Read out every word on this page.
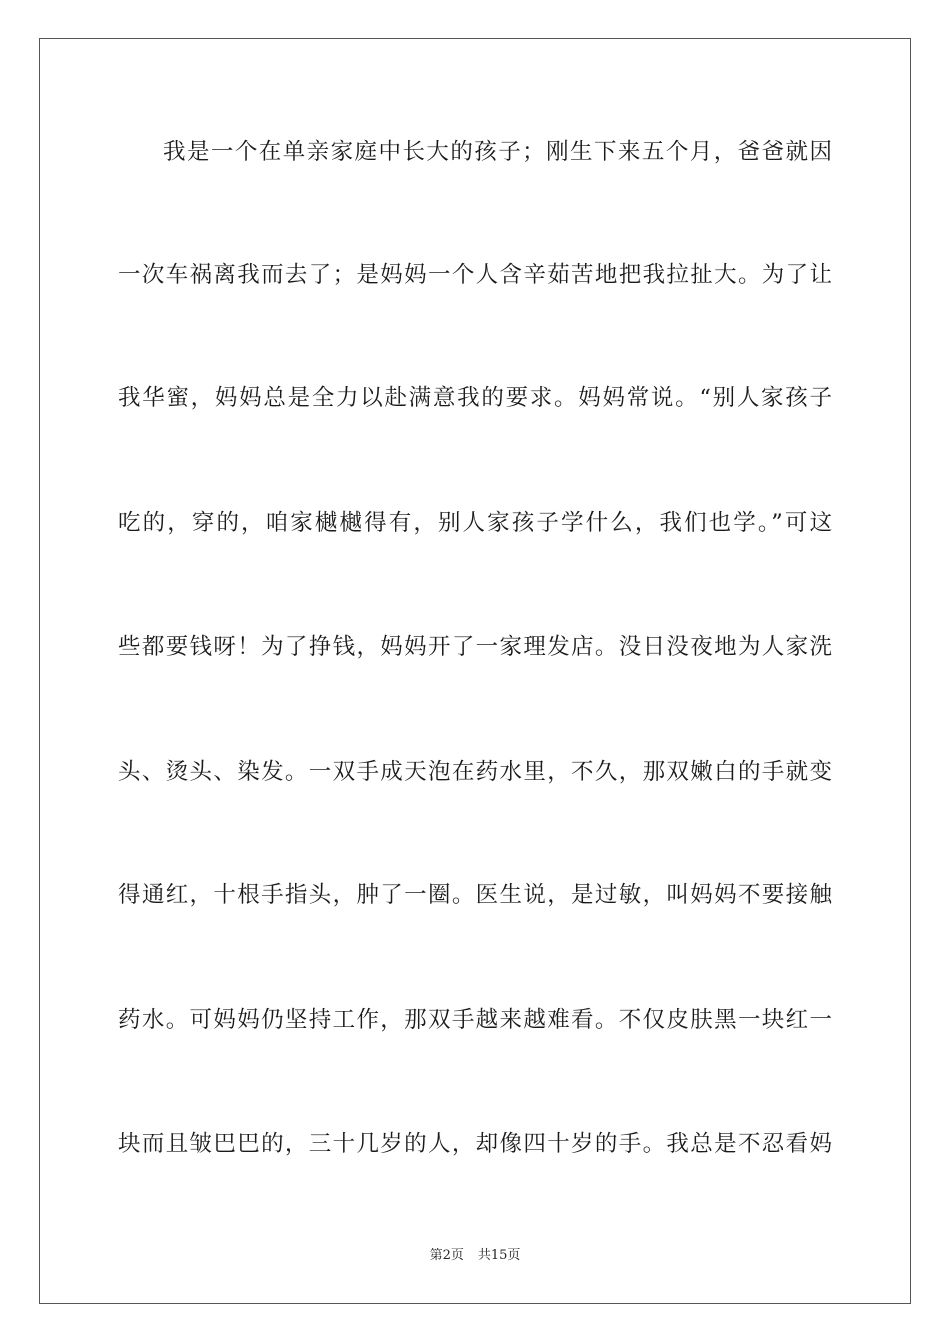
我是一个在单亲家庭中长大的孩子；刚生下来五个月，爸爸就因
一次车祸离我而去了；是妈妈一个人含辛茹苦地把我拉扯大。为了让
我华蜜，妈妈总是全力以赴满意我的要求。妈妈常说。“别人家孩子
吃的，穿的，咱家樾樾得有，别人家孩子学什么，我们也学。”可这
些都要钱呀！为了挣钱，妈妈开了一家理发店。没日没夜地为人家洗
头、烫头、染发。一双手成天泡在药水里，不久，那双嫩白的手就变
得通红，十根手指头，肿了一圈。医生说，是过敏，叫妈妈不要接触
药水。可妈妈仍坚持工作，那双手越来越难看。不仅皮肤黑一块红一
块而且皱巴巴的，三十几岁的人，却像四十岁的手。我总是不忍看妈
第2页 共15页
